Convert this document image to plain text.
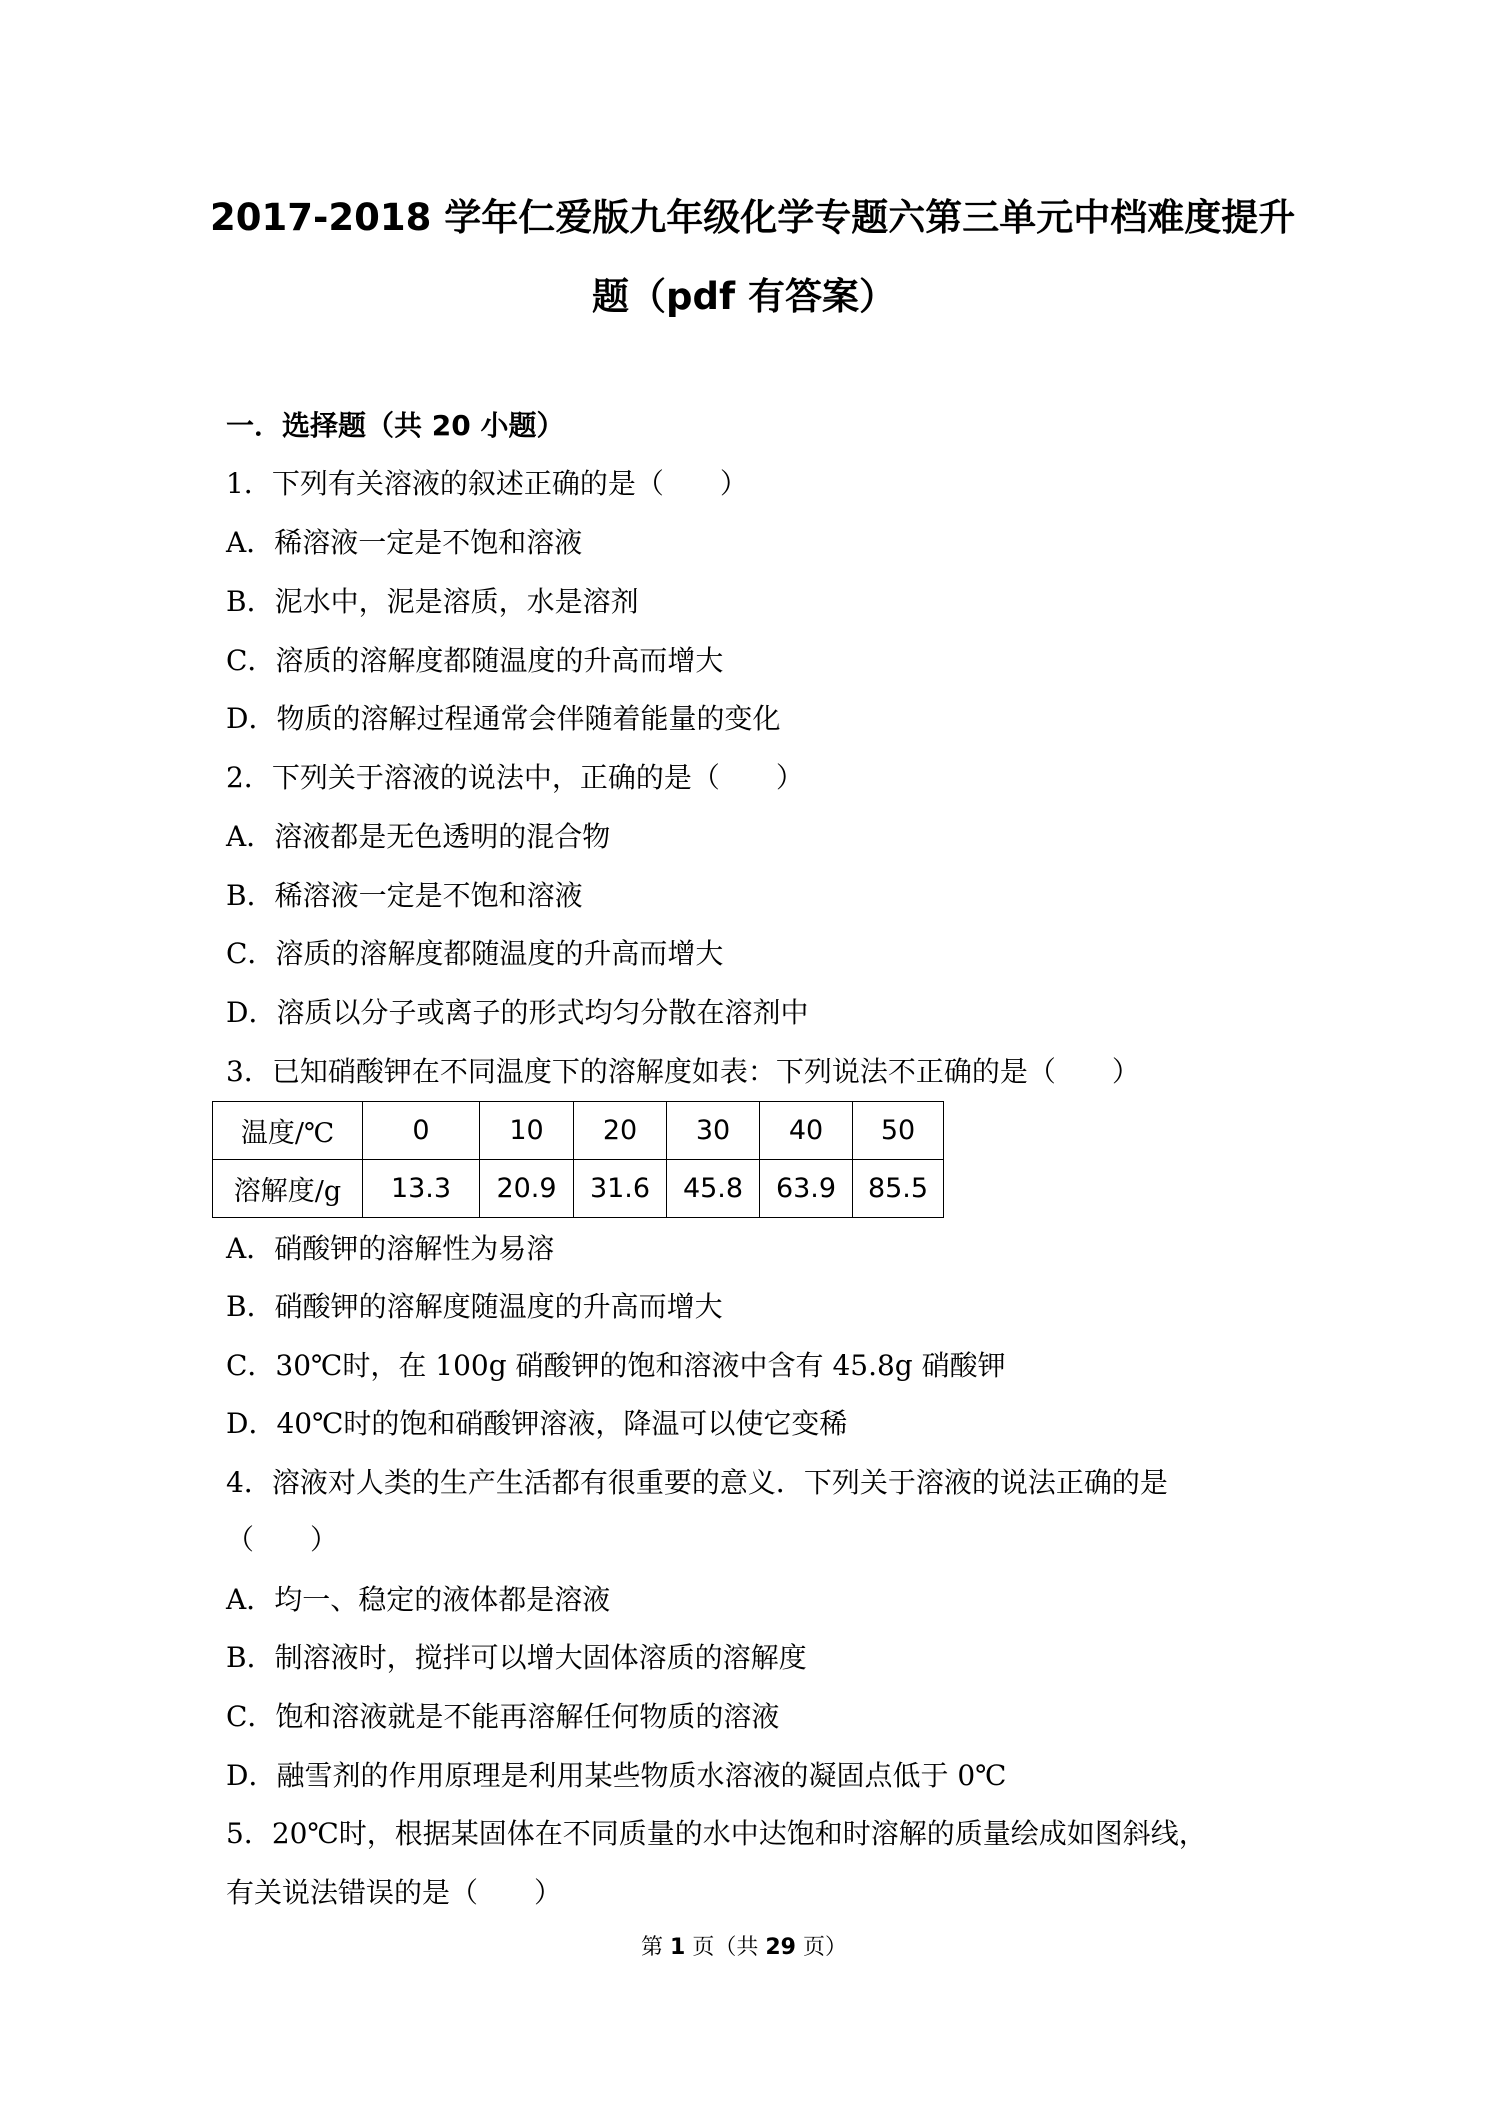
2017-2018 学年仁爱版九年级化学专题六第三单元中档难度提升
题（pdf 有答案）
一．选择题（共 20 小题）
1．下列有关溶液的叙述正确的是（　　）
A．稀溶液一定是不饱和溶液
B．泥水中，泥是溶质，水是溶剂
C．溶质的溶解度都随温度的升高而增大
D．物质的溶解过程通常会伴随着能量的变化
2．下列关于溶液的说法中，正确的是（　　）
A．溶液都是无色透明的混合物
B．稀溶液一定是不饱和溶液
C．溶质的溶解度都随温度的升高而增大
D．溶质以分子或离子的形式均匀分散在溶剂中
3．已知硝酸钾在不同温度下的溶解度如表：下列说法不正确的是（　　）
温度/℃	0	10	20	30	40	50
溶解度/g	13.3	20.9	31.6	45.8	63.9	85.5
A．硝酸钾的溶解性为易溶
B．硝酸钾的溶解度随温度的升高而增大
C．30℃时，在 100g 硝酸钾的饱和溶液中含有 45.8g 硝酸钾
D．40℃时的饱和硝酸钾溶液，降温可以使它变稀
4．溶液对人类的生产生活都有很重要的意义．下列关于溶液的说法正确的是
（　　）
A．均一、稳定的液体都是溶液
B．制溶液时，搅拌可以增大固体溶质的溶解度
C．饱和溶液就是不能再溶解任何物质的溶液
D．融雪剂的作用原理是利用某些物质水溶液的凝固点低于 0℃
5．20℃时，根据某固体在不同质量的水中达饱和时溶解的质量绘成如图斜线，
有关说法错误的是（　　）
第 1 页（共 29 页）
